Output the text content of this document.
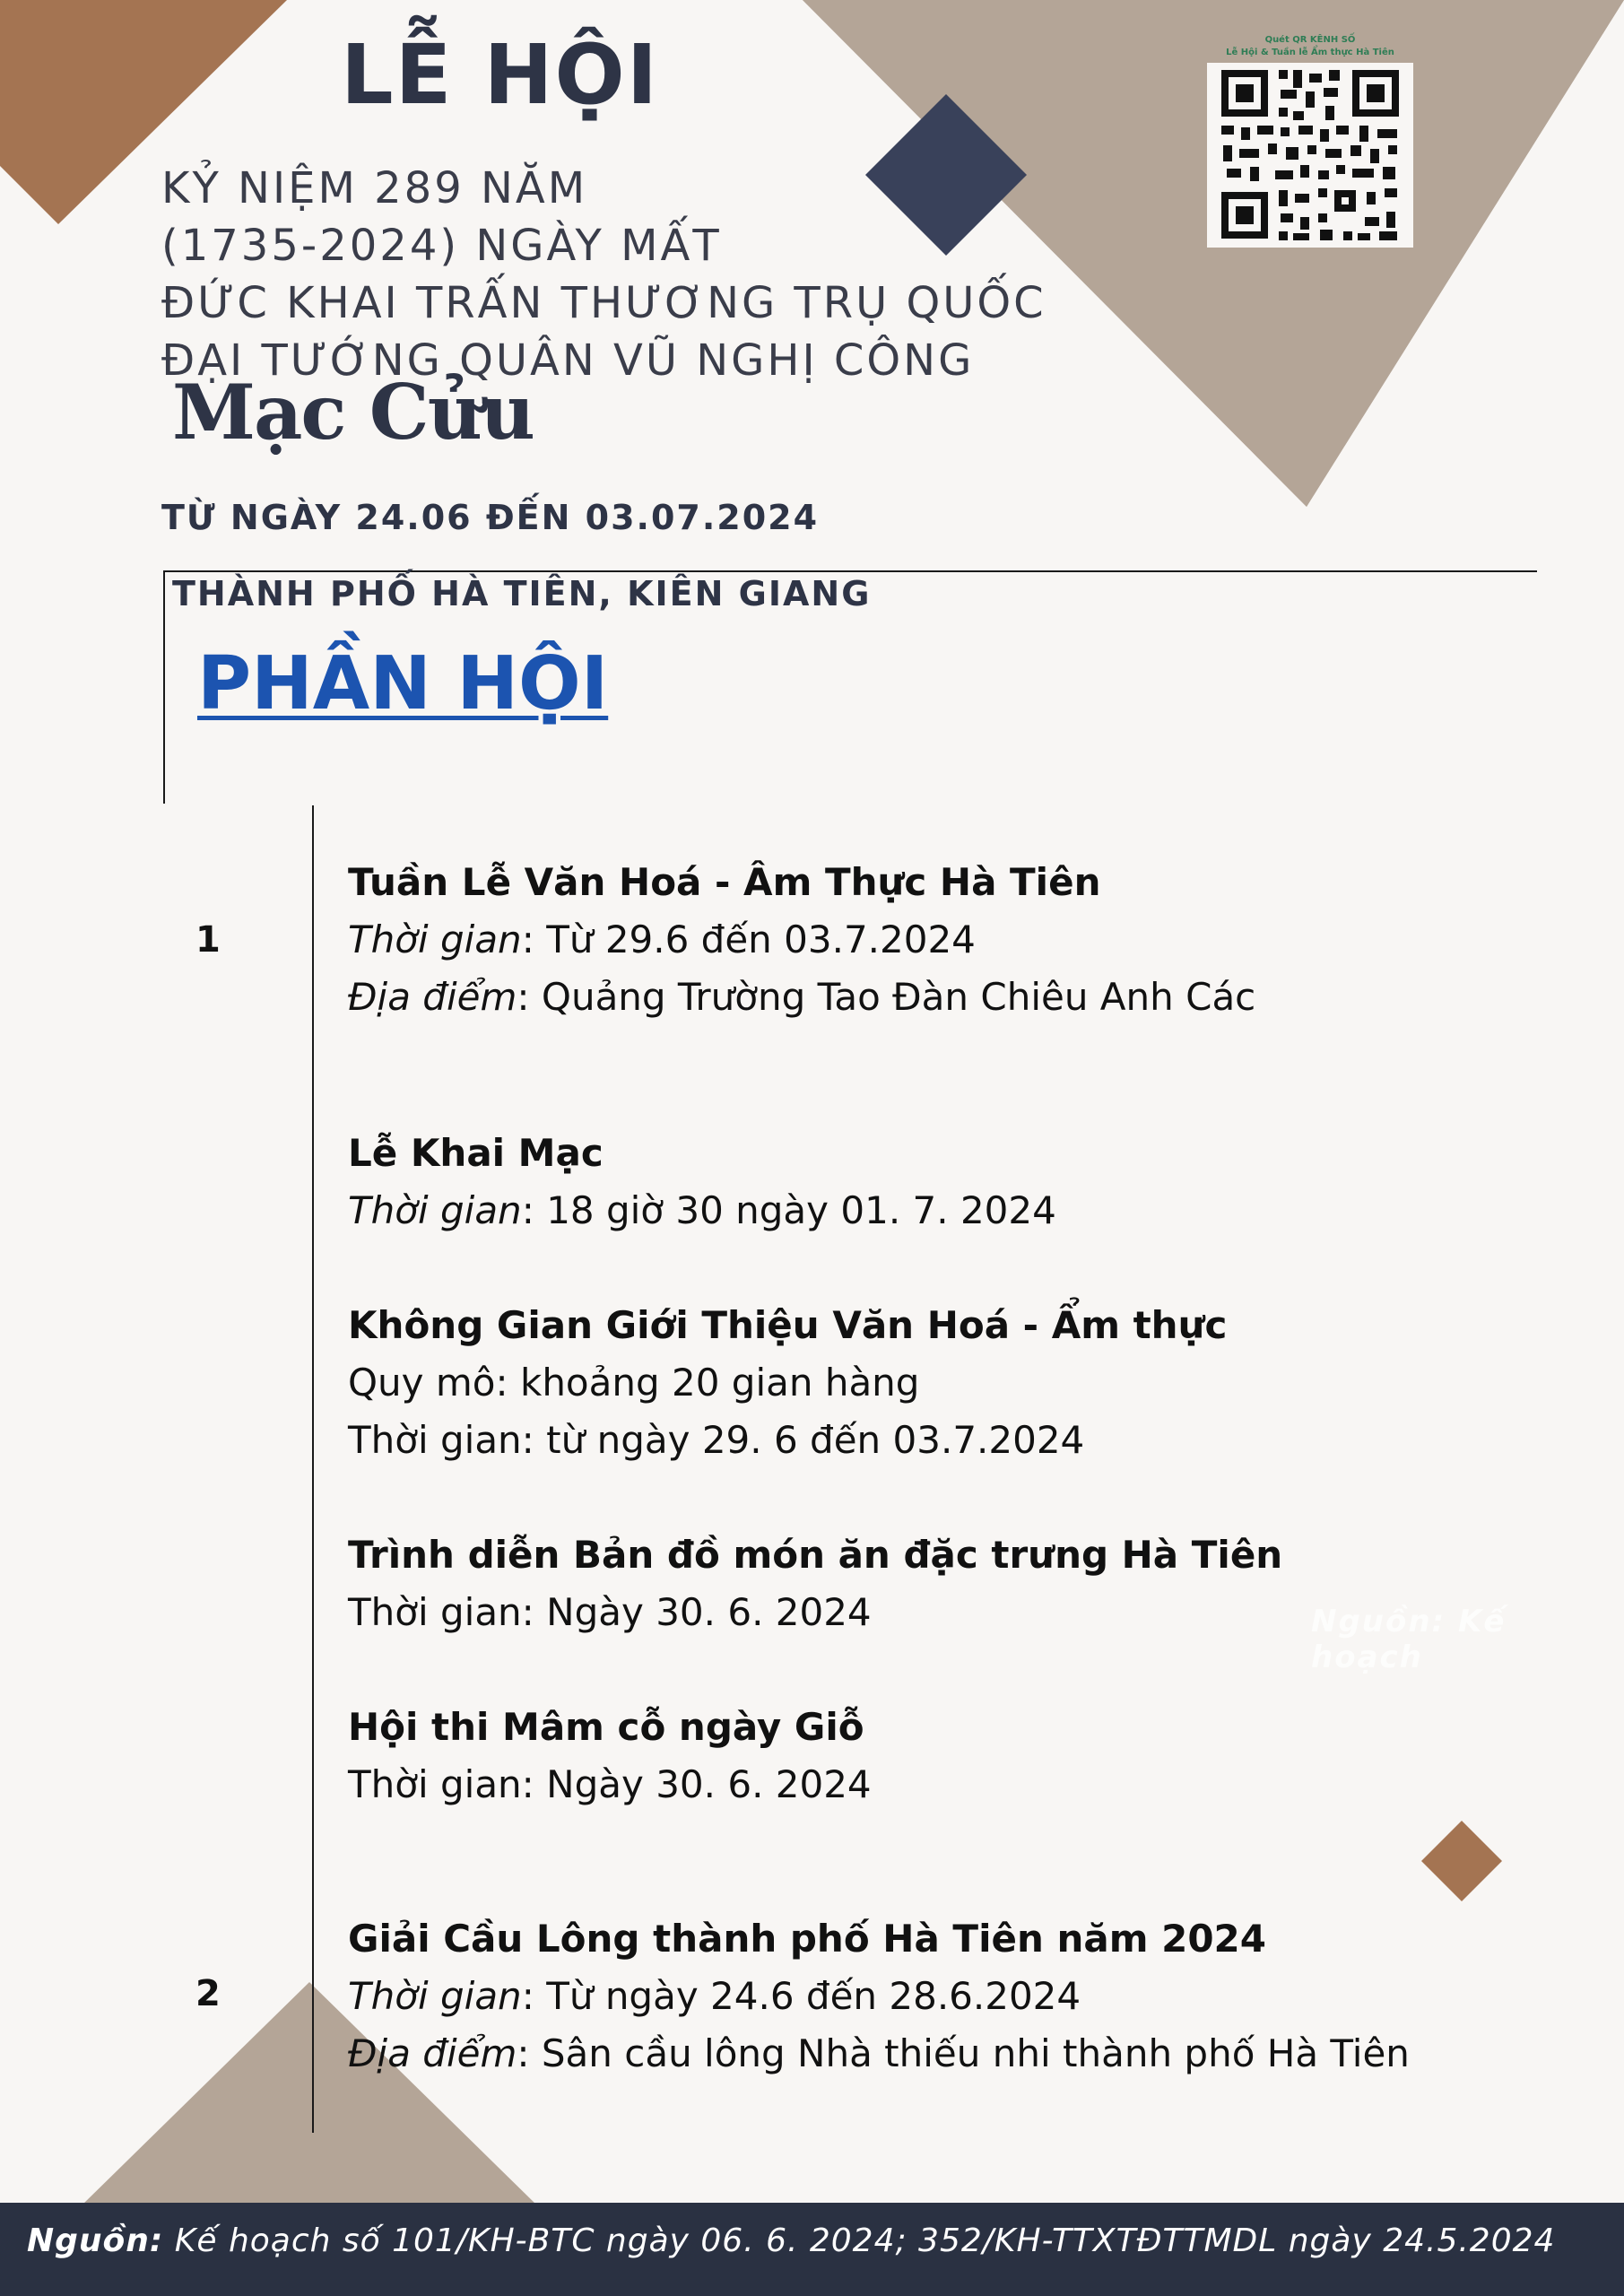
Quét QR KÊNH SỐ
Lễ Hội & Tuần lễ Ẩm thực Hà Tiên
LỄ HỘI
KỶ NIỆM 289 NĂM
(1735-2024) NGÀY MẤT
ĐỨC KHAI TRẤN THƯƠNG TRỤ QUỐC
ĐẠI TƯỚNG QUÂN VŨ NGHỊ CÔNG
Mạc Cửu
TỪ NGÀY 24.06 ĐẾN 03.07.2024
THÀNH PHỐ HÀ TIÊN, KIÊN GIANG
PHẦN HỘI
1
2
Tuần Lễ Văn Hoá - Âm Thực Hà Tiên
Thời gian: Từ 29.6 đến 03.7.2024
Địa điểm: Quảng Trường Tao Đàn Chiêu Anh Các
Lễ Khai Mạc
Thời gian: 18 giờ 30 ngày 01. 7. 2024
Không Gian Giới Thiệu Văn Hoá - Ẩm thực
Quy mô: khoảng 20 gian hàng
Thời gian: từ ngày 29. 6 đến 03.7.2024
Trình diễn Bản đồ món ăn đặc trưng Hà Tiên
Thời gian: Ngày 30. 6. 2024
Hội thi Mâm cỗ ngày Giỗ
Thời gian: Ngày 30. 6. 2024
Giải Cầu Lông thành phố Hà Tiên năm 2024
Thời gian: Từ ngày 24.6 đến 28.6.2024
Địa điểm: Sân cầu lông Nhà thiếu nhi thành phố Hà Tiên
Nguồn: Kế hoạch
Nguồn: Kế hoạch số 101/KH-BTC ngày 06. 6. 2024; 352/KH-TTXTĐTTMDL ngày 24.5.2024
